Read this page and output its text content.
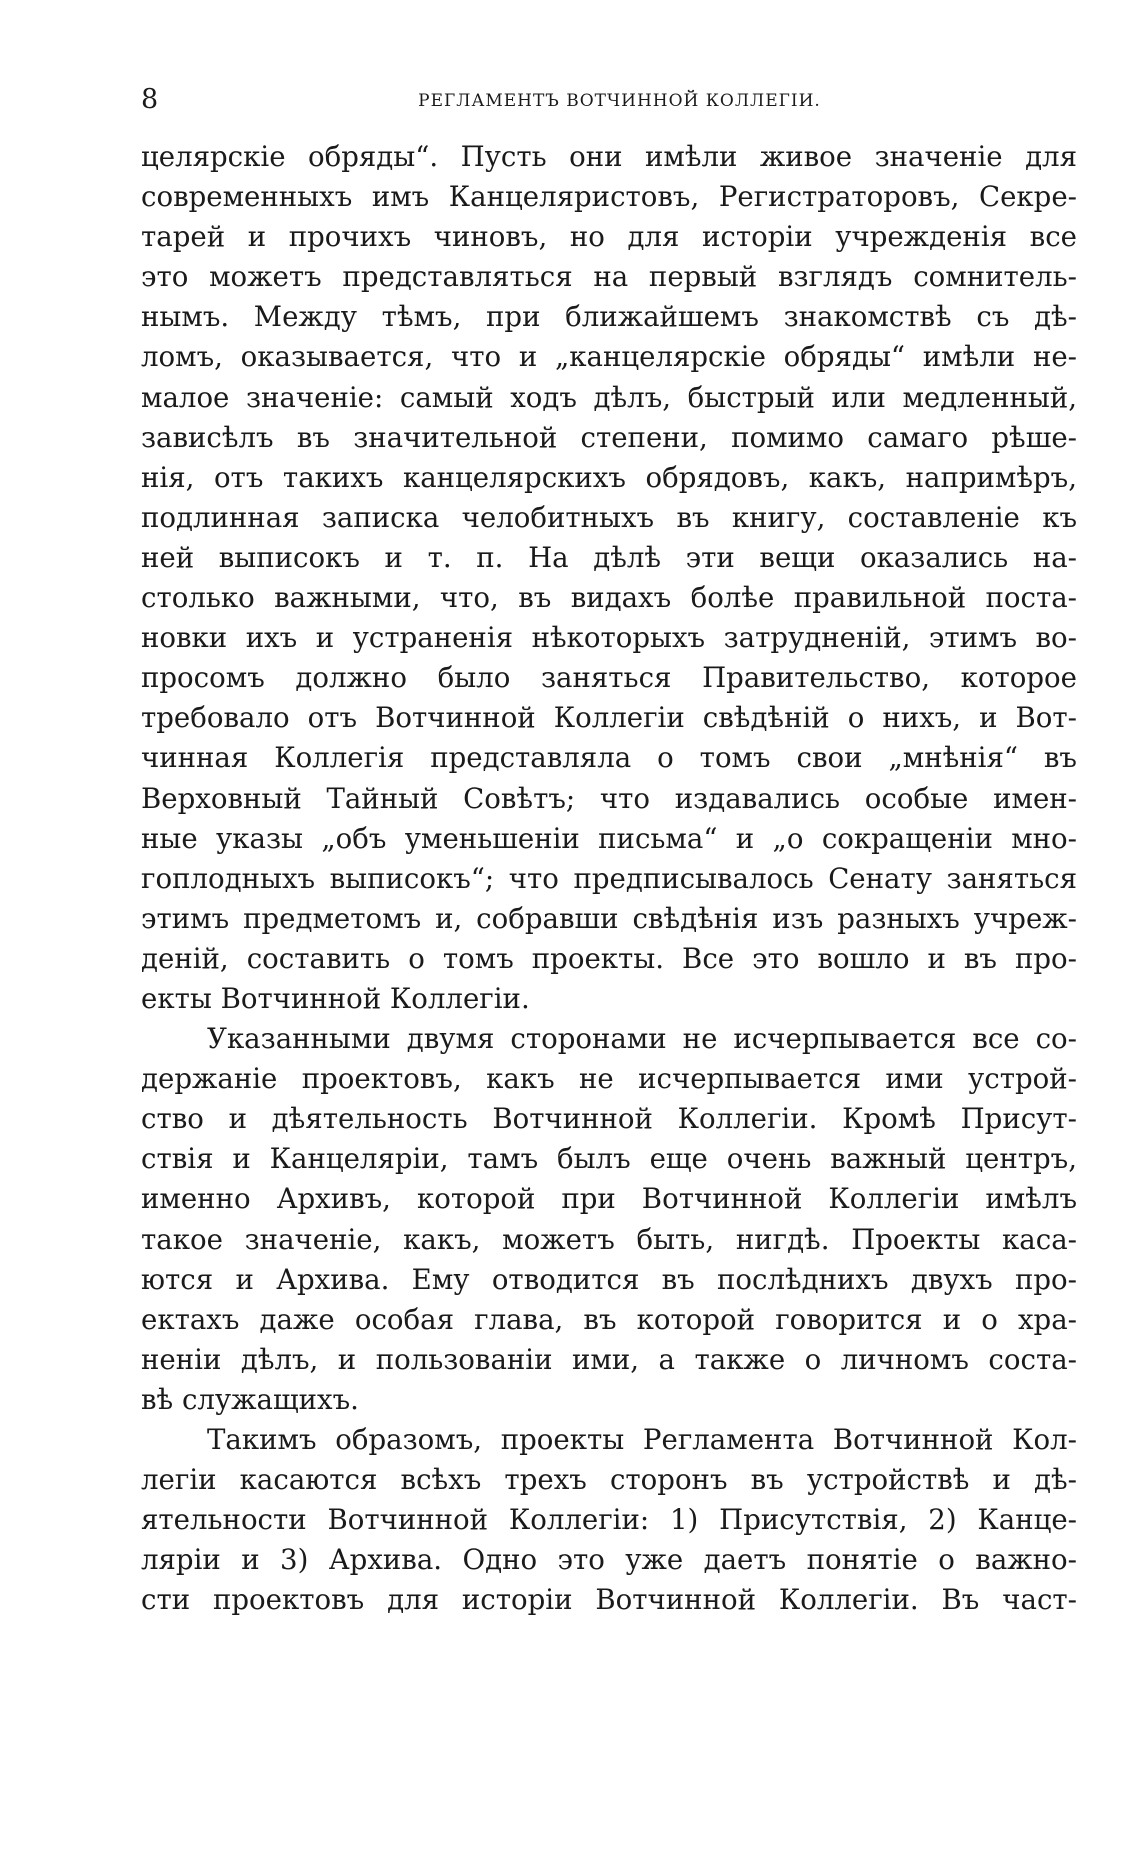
8	РЕГЛАМЕНТЪ ВОТЧИННОЙ КОЛЛЕГІИ.
целярскіе обряды“. Пусть они имѣли живое значеніе для
современныхъ имъ Канцеляристовъ, Регистраторовъ, Секре-
тарей и прочихъ чиновъ, но для исторіи учрежденія все
это можетъ представляться на первый взглядъ сомнитель-
нымъ. Между тѣмъ, при ближайшемъ знакомствѣ съ дѣ-
ломъ, оказывается, что и „канцелярскіе обряды“ имѣли не-
малое значеніе: самый ходъ дѣлъ, быстрый или медленный,
зависѣлъ въ значительной степени, помимо самаго рѣше-
нія, отъ такихъ канцелярскихъ обрядовъ, какъ, напримѣръ,
подлинная записка челобитныхъ въ книгу, составленіе къ
ней выписокъ и т. п. На дѣлѣ эти вещи оказались на-
столько важными, что, въ видахъ болѣе правильной поста-
новки ихъ и устраненія нѣкоторыхъ затрудненій, этимъ во-
просомъ должно было заняться Правительство, которое
требовало отъ Вотчинной Коллегіи свѣдѣній о нихъ, и Вот-
чинная Коллегія представляла о томъ свои „мнѣнія“ въ
Верховный Тайный Совѣтъ; что издавались особые имен-
ные указы „объ уменьшеніи письма“ и „о сокращеніи мно-
гоплодныхъ выписокъ“; что предписывалось Сенату заняться
этимъ предметомъ и, собравши свѣдѣнія изъ разныхъ учреж-
деній, составить о томъ проекты. Все это вошло и въ про-
екты Вотчинной Коллегіи.
Указанными двумя сторонами не исчерпывается все со-
держаніе проектовъ, какъ не исчерпывается ими устрой-
ство и дѣятельность Вотчинной Коллегіи. Кромѣ Присут-
ствія и Канцеляріи, тамъ былъ еще очень важный центръ,
именно Архивъ, которой при Вотчинной Коллегіи имѣлъ
такое значеніе, какъ, можетъ быть, нигдѣ. Проекты каса-
ются и Архива. Ему отводится въ послѣднихъ двухъ про-
ектахъ даже особая глава, въ которой говорится и о хра-
неніи дѣлъ, и пользованіи ими, а также о личномъ соста-
вѣ служащихъ.
Такимъ образомъ, проекты Регламента Вотчинной Кол-
легіи касаются всѣхъ трехъ сторонъ въ устройствѣ и дѣ-
ятельности Вотчинной Коллегіи: 1) Присутствія, 2) Канце-
ляріи и 3) Архива. Одно это уже даетъ понятіе о важно-
сти проектовъ для исторіи Вотчинной Коллегіи. Въ част-
